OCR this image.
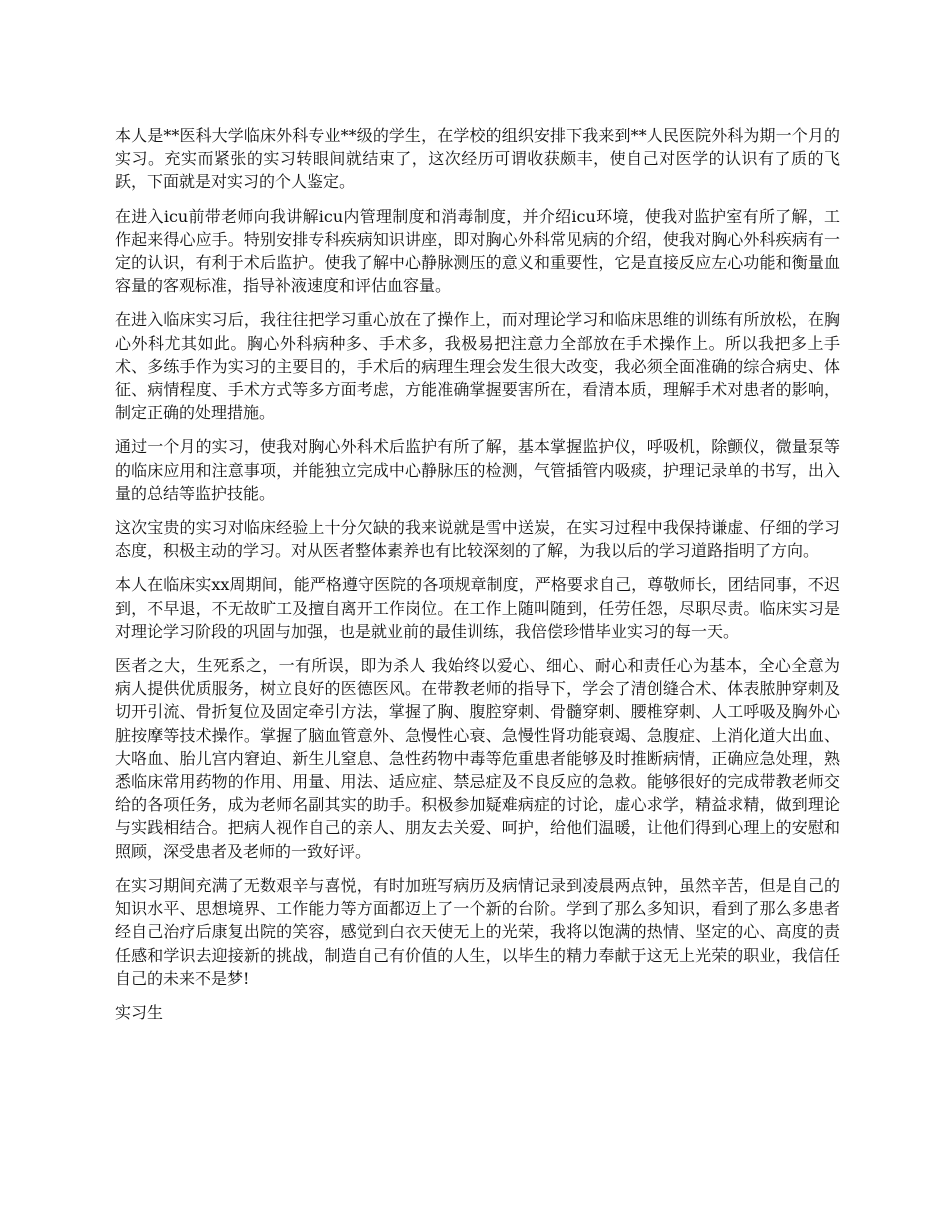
本人是**医科大学临床外科专业**级的学生，在学校的组织安排下我来到**人民医院外科为期一个月的实习。充实而紧张的实习转眼间就结束了，这次经历可谓收获颇丰，使自己对医学的认识有了质的飞跃，下面就是对实习的个人鉴定。

在进入icu前带老师向我讲解icu内管理制度和消毒制度，并介绍icu环境，使我对监护室有所了解，工作起来得心应手。特别安排专科疾病知识讲座，即对胸心外科常见病的介绍，使我对胸心外科疾病有一定的认识，有利于术后监护。使我了解中心静脉测压的意义和重要性，它是直接反应左心功能和衡量血容量的客观标准，指导补液速度和评估血容量。

在进入临床实习后，我往往把学习重心放在了操作上，而对理论学习和临床思维的训练有所放松，在胸心外科尤其如此。胸心外科病种多、手术多，我极易把注意力全部放在手术操作上。所以我把多上手术、多练手作为实习的主要目的，手术后的病理生理会发生很大改变，我必须全面准确的综合病史、体征、病情程度、手术方式等多方面考虑，方能准确掌握要害所在，看清本质，理解手术对患者的影响，制定正确的处理措施。

通过一个月的实习，使我对胸心外科术后监护有所了解，基本掌握监护仪，呼吸机，除颤仪，微量泵等的临床应用和注意事项，并能独立完成中心静脉压的检测，气管插管内吸痰，护理记录单的书写，出入量的总结等监护技能。

这次宝贵的实习对临床经验上十分欠缺的我来说就是雪中送炭，在实习过程中我保持谦虚、仔细的学习态度，积极主动的学习。对从医者整体素养也有比较深刻的了解，为我以后的学习道路指明了方向。

本人在临床实xx周期间，能严格遵守医院的各项规章制度，严格要求自己，尊敬师长，团结同事，不迟到，不早退，不无故旷工及擅自离开工作岗位。在工作上随叫随到，任劳任怨，尽职尽责。临床实习是对理论学习阶段的巩固与加强，也是就业前的最佳训练，我倍偿珍惜毕业实习的每一天。

医者之大，生死系之，一有所误，即为杀人 我始终以爱心、细心、耐心和责任心为基本，全心全意为病人提供优质服务，树立良好的医德医风。在带教老师的指导下，学会了清创缝合术、体表脓肿穿刺及切开引流、骨折复位及固定牵引方法，掌握了胸、腹腔穿刺、骨髓穿刺、腰椎穿刺、人工呼吸及胸外心脏按摩等技术操作。掌握了脑血管意外、急慢性心衰、急慢性肾功能衰竭、急腹症、上消化道大出血、大咯血、胎儿宫内窘迫、新生儿窒息、急性药物中毒等危重患者能够及时推断病情，正确应急处理，熟悉临床常用药物的作用、用量、用法、适应症、禁忌症及不良反应的急救。能够很好的完成带教老师交给的各项任务，成为老师名副其实的助手。积极参加疑难病症的讨论，虚心求学，精益求精，做到理论与实践相结合。把病人视作自己的亲人、朋友去关爱、呵护，给他们温暖，让他们得到心理上的安慰和照顾，深受患者及老师的一致好评。

在实习期间充满了无数艰辛与喜悦，有时加班写病历及病情记录到凌晨两点钟，虽然辛苦，但是自己的知识水平、思想境界、工作能力等方面都迈上了一个新的台阶。学到了那么多知识，看到了那么多患者经自己治疗后康复出院的笑容，感觉到白衣天使无上的光荣，我将以饱满的热情、坚定的心、高度的责任感和学识去迎接新的挑战，制造自己有价值的人生，以毕生的精力奉献于这无上光荣的职业，我信任自己的未来不是梦!

实习生
